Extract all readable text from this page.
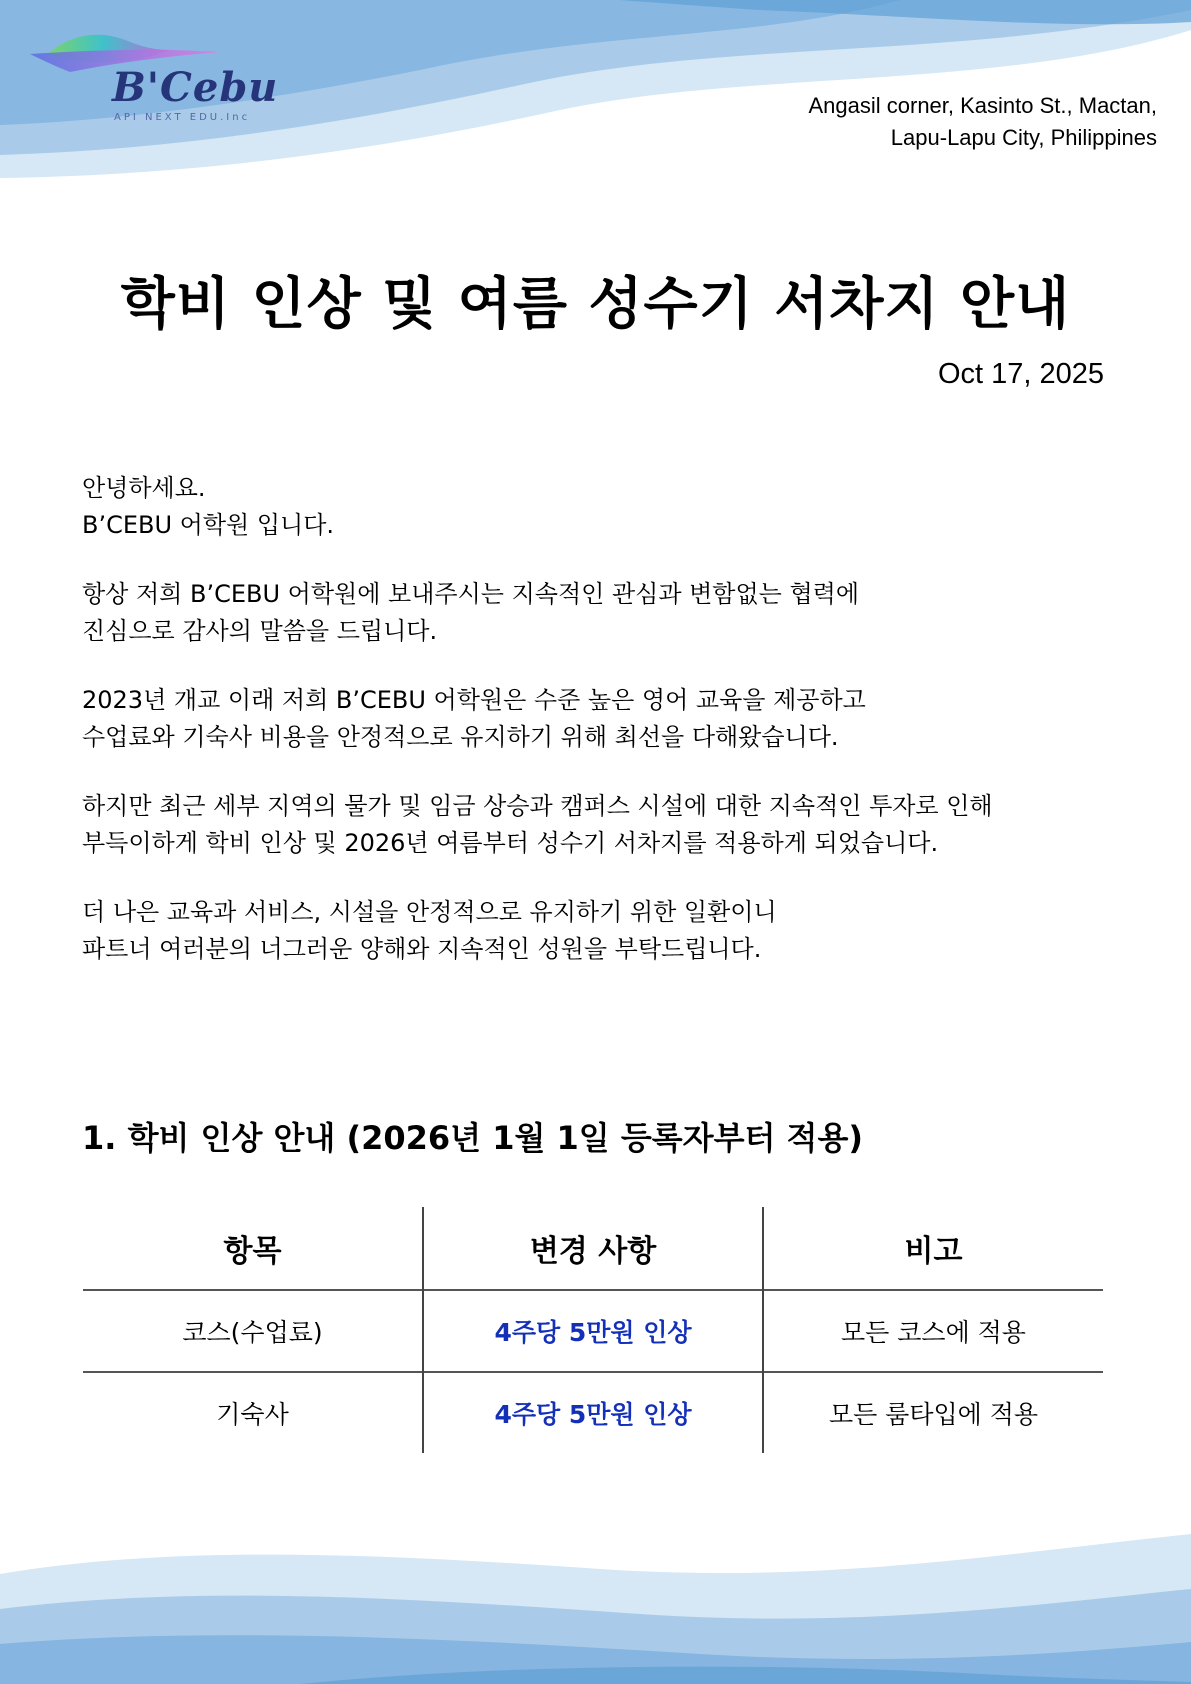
B'Cebu
API NEXT EDU.Inc	Angasil corner, Kasinto St., Mactan,
Lapu-Lapu City, Philippines
학비 인상 및 여름 성수기 서차지 안내
Oct 17, 2025

안녕하세요.
B’CEBU 어학원 입니다.

항상 저희 B’CEBU 어학원에 보내주시는 지속적인 관심과 변함없는 협력에
진심으로 감사의 말씀을 드립니다.

2023년 개교 이래 저희 B’CEBU 어학원은 수준 높은 영어 교육을 제공하고
수업료와 기숙사 비용을 안정적으로 유지하기 위해 최선을 다해왔습니다.

하지만 최근 세부 지역의 물가 및 임금 상승과 캠퍼스 시설에 대한 지속적인 투자로 인해
부득이하게 학비 인상 및 2026년 여름부터 성수기 서차지를 적용하게 되었습니다.

더 나은 교육과 서비스, 시설을 안정적으로 유지하기 위한 일환이니
파트너 여러분의 너그러운 양해와 지속적인 성원을 부탁드립니다.

1. 학비 인상 안내 (2026년 1월 1일 등록자부터 적용)
항목	변경 사항	비고
코스(수업료)	4주당 5만원 인상	모든 코스에 적용
기숙사	4주당 5만원 인상	모든 룸타입에 적용
